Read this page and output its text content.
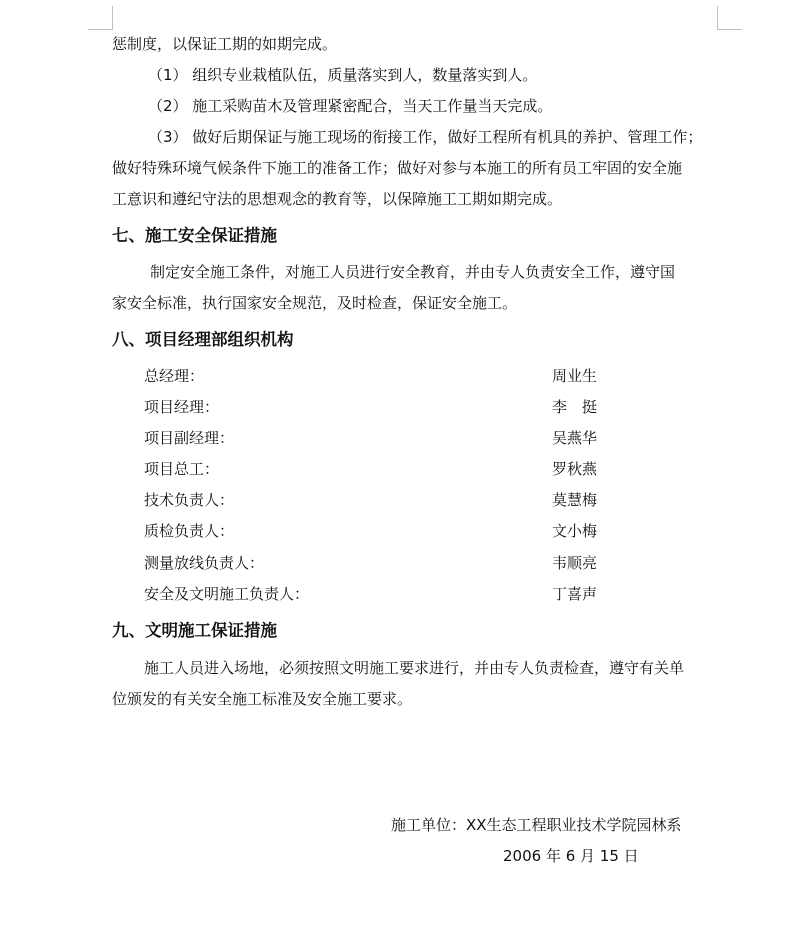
惩制度，以保证工期的如期完成。
（1） 组织专业栽植队伍，质量落实到人，数量落实到人。
（2） 施工采购苗木及管理紧密配合，当天工作量当天完成。
（3） 做好后期保证与施工现场的衔接工作，做好工程所有机具的养护、管理工作；
做好特殊环境气候条件下施工的准备工作；做好对参与本施工的所有员工牢固的安全施
工意识和遵纪守法的思想观念的教育等，以保障施工工期如期完成。
七、施工安全保证措施
制定安全施工条件，对施工人员进行安全教育，并由专人负责安全工作，遵守国
家安全标准，执行国家安全规范，及时检查，保证安全施工。
八、项目经理部组织机构
总经理：	周业生
项目经理：	李　挺
项目副经理：	吴燕华
项目总工：	罗秋燕
技术负责人：	莫慧梅
质检负责人：	文小梅
测量放线负责人：	韦顺亮
安全及文明施工负责人：	丁喜声
九、文明施工保证措施
施工人员进入场地，必须按照文明施工要求进行，并由专人负责检查，遵守有关单
位颁发的有关安全施工标准及安全施工要求。
施工单位：XX生态工程职业技术学院园林系
2006 年 6 月 15 日
